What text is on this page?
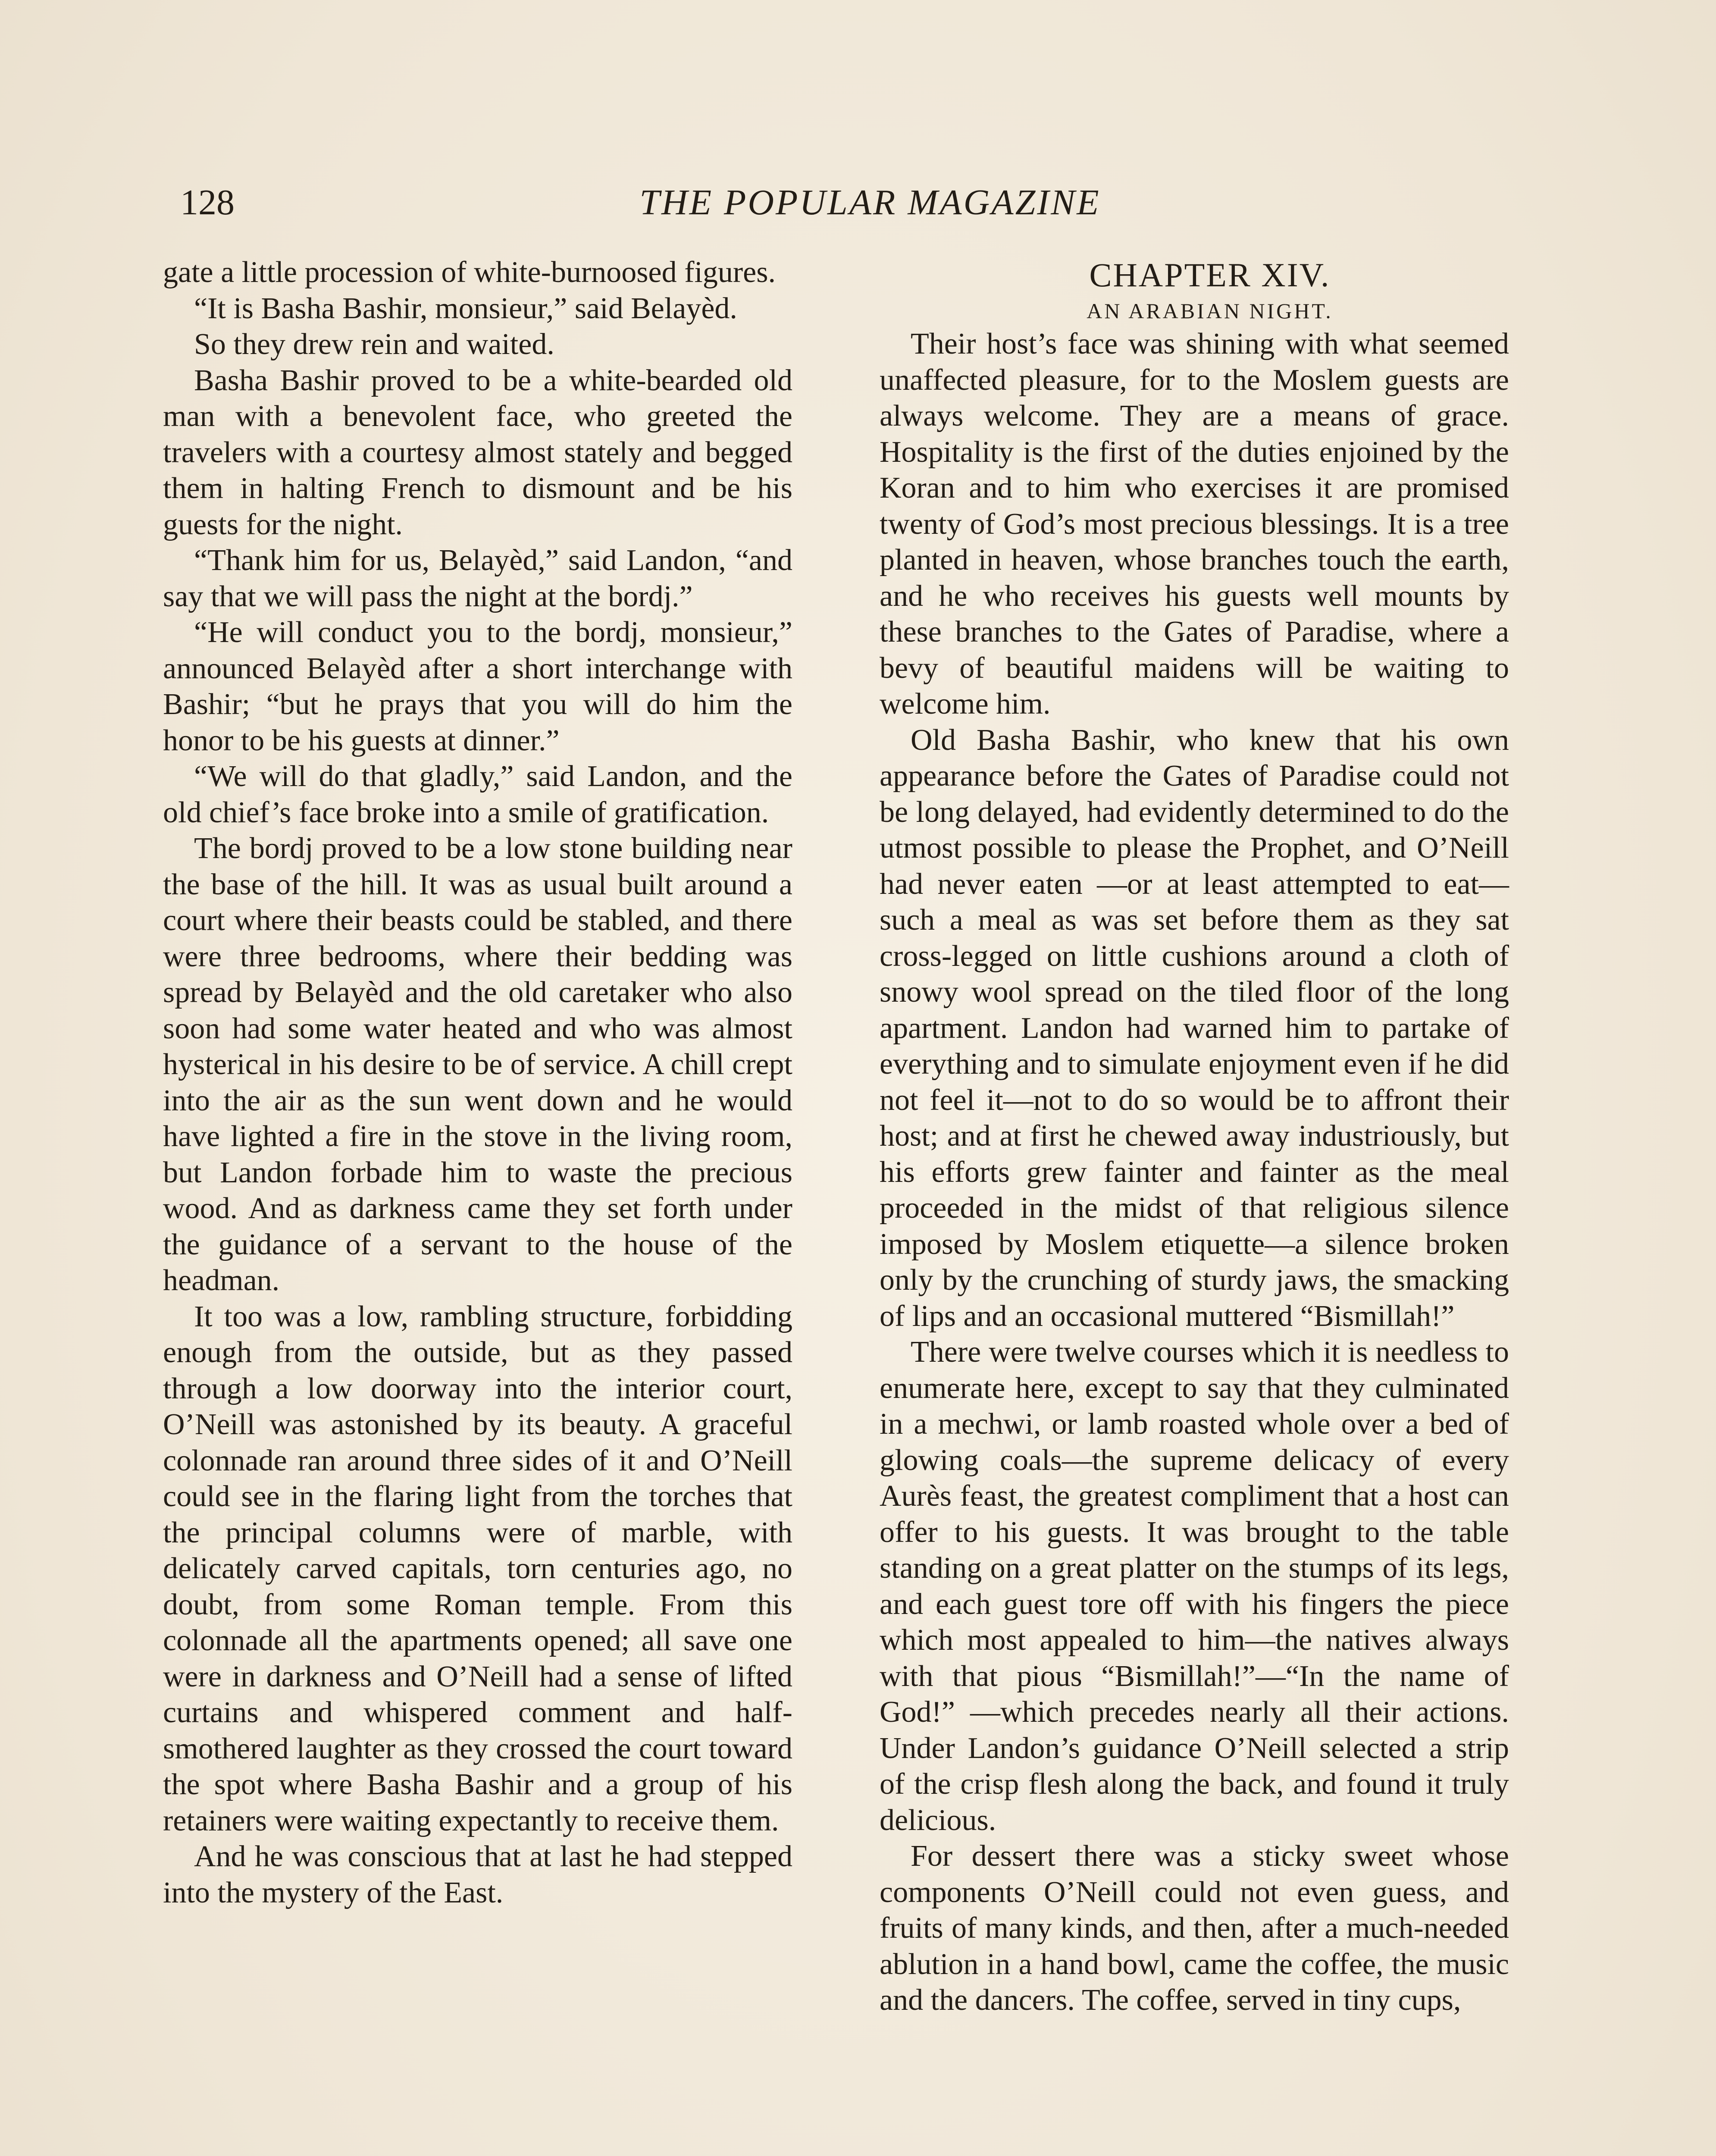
128	THE POPULAR MAGAZINE

gate a little procession of white-burnoosed figures.

“It is Basha Bashir, monsieur,” said Belayèd.

So they drew rein and waited.

Basha Bashir proved to be a white-bearded old man with a benevolent face, who greeted the travelers with a courtesy almost stately and begged them in halting French to dismount and be his guests for the night.

“Thank him for us, Belayèd,” said Landon, “and say that we will pass the night at the bordj.”

“He will conduct you to the bordj, monsieur,” announced Belayèd after a short interchange with Bashir; “but he prays that you will do him the honor to be his guests at dinner.”

“We will do that gladly,” said Landon, and the old chief’s face broke into a smile of gratification.

The bordj proved to be a low stone building near the base of the hill. It was as usual built around a court where their beasts could be stabled, and there were three bedrooms, where their bedding was spread by Belayèd and the old caretaker who also soon had some water heated and who was almost hysterical in his desire to be of service. A chill crept into the air as the sun went down and he would have lighted a fire in the stove in the living room, but Landon forbade him to waste the precious wood. And as darkness came they set forth under the guidance of a servant to the house of the headman.

It too was a low, rambling structure, forbidding enough from the outside, but as they passed through a low doorway into the interior court, O’Neill was astonished by its beauty. A graceful colonnade ran around three sides of it and O’Neill could see in the flaring light from the torches that the principal columns were of marble, with delicately carved capitals, torn centuries ago, no doubt, from some Roman temple. From this colonnade all the apartments opened; all save one were in darkness and O’Neill had a sense of lifted curtains and whispered comment and half-smothered laughter as they crossed the court toward the spot where Basha Bashir and a group of his retainers were waiting expectantly to receive them.

And he was conscious that at last he had stepped into the mystery of the East.

CHAPTER XIV.

AN ARABIAN NIGHT.

Their host’s face was shining with what seemed unaffected pleasure, for to the Moslem guests are always welcome. They are a means of grace. Hospitality is the first of the duties enjoined by the Koran and to him who exercises it are promised twenty of God’s most precious blessings. It is a tree planted in heaven, whose branches touch the earth, and he who receives his guests well mounts by these branches to the Gates of Paradise, where a bevy of beautiful maidens will be waiting to welcome him.

Old Basha Bashir, who knew that his own appearance before the Gates of Paradise could not be long delayed, had evidently determined to do the utmost possible to please the Prophet, and O’Neill had never eaten —or at least attempted to eat—such a meal as was set before them as they sat cross-legged on little cushions around a cloth of snowy wool spread on the tiled floor of the long apartment. Landon had warned him to partake of everything and to simulate enjoyment even if he did not feel it—not to do so would be to affront their host; and at first he chewed away industriously, but his efforts grew fainter and fainter as the meal proceeded in the midst of that religious silence imposed by Moslem etiquette—a silence broken only by the crunching of sturdy jaws, the smacking of lips and an occasional muttered “Bismillah!”

There were twelve courses which it is needless to enumerate here, except to say that they culminated in a mechwi, or lamb roasted whole over a bed of glowing coals—the supreme delicacy of every Aurès feast, the greatest compliment that a host can offer to his guests. It was brought to the table standing on a great platter on the stumps of its legs, and each guest tore off with his fingers the piece which most appealed to him—the natives always with that pious “Bismillah!”—“In the name of God!” —which precedes nearly all their actions. Under Landon’s guidance O’Neill selected a strip of the crisp flesh along the back, and found it truly delicious.

For dessert there was a sticky sweet whose components O’Neill could not even guess, and fruits of many kinds, and then, after a much-needed ablution in a hand bowl, came the coffee, the music and the dancers. The coffee, served in tiny cups,
